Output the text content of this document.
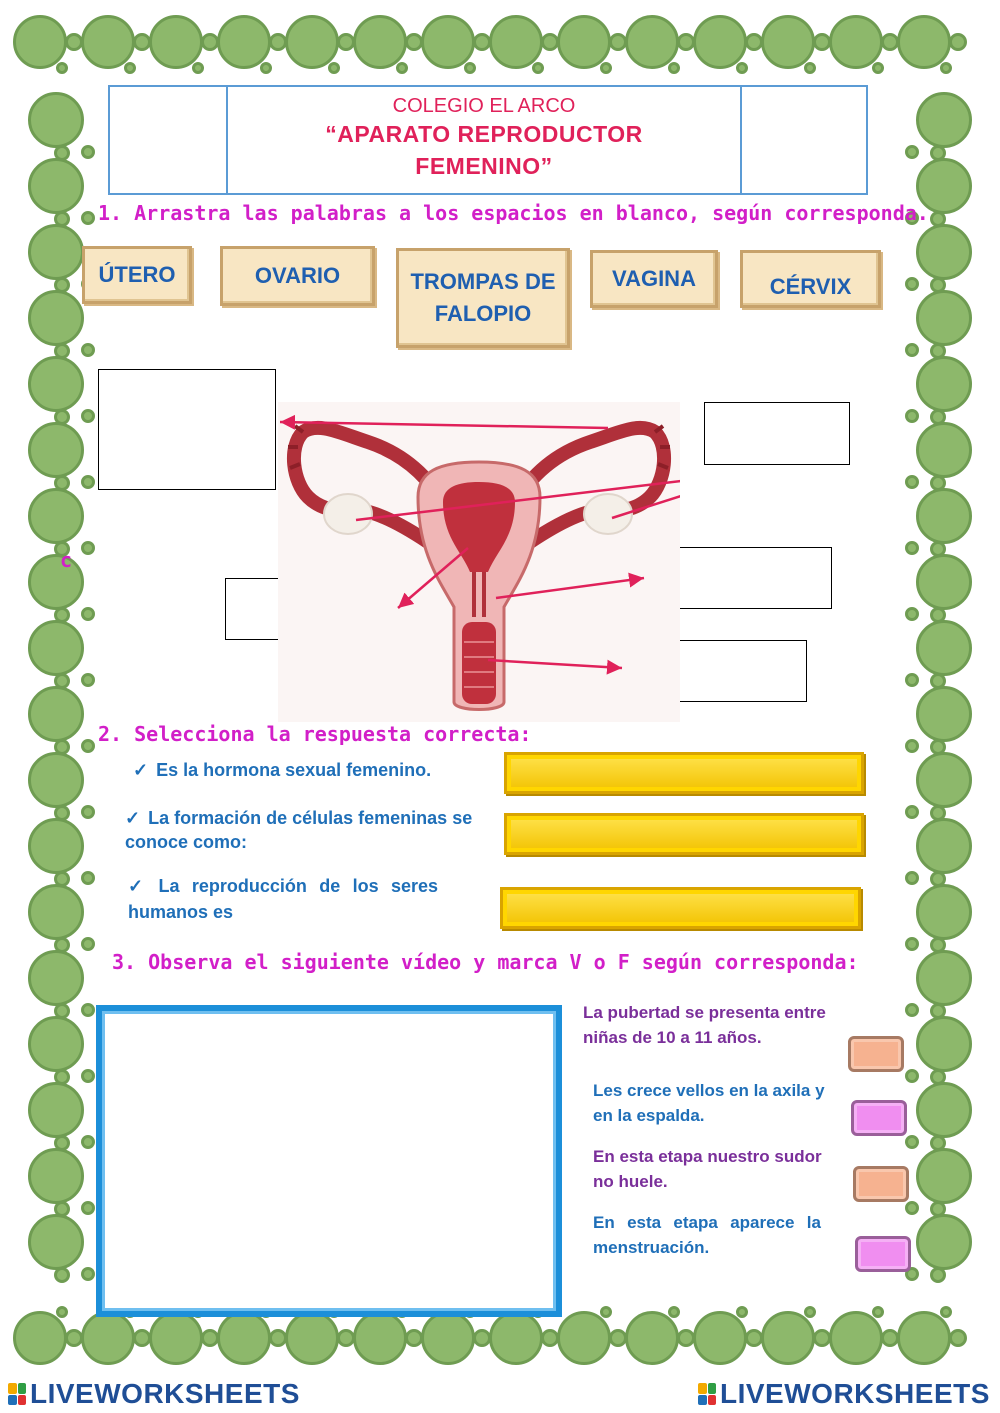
COLEGIO EL ARCO
“APARATO REPRODUCTOR
FEMENINO”
1. Arrastra las palabras a los espacios en blanco, según corresponda.
ÚTERO	OVARIO	TROMPAS DE FALOPIO
VAGINA	CÉRVIX
c
2. Selecciona la respuesta correcta:
✓ Es la hormona sexual femenino.
✓ La formación de células femeninas se conoce como:
✓ La reproducción de los seres humanos es
3. Observa el siguiente vídeo y marca V o F según corresponda:
La pubertad se presenta entre niñas de 10 a 11 años.
Les crece vellos en la axila y en la espalda.
En esta etapa nuestro sudor no huele.
En esta etapa aparece la menstruación.
LIVEWORKSHEETS	LIVEWORKSHEETS
